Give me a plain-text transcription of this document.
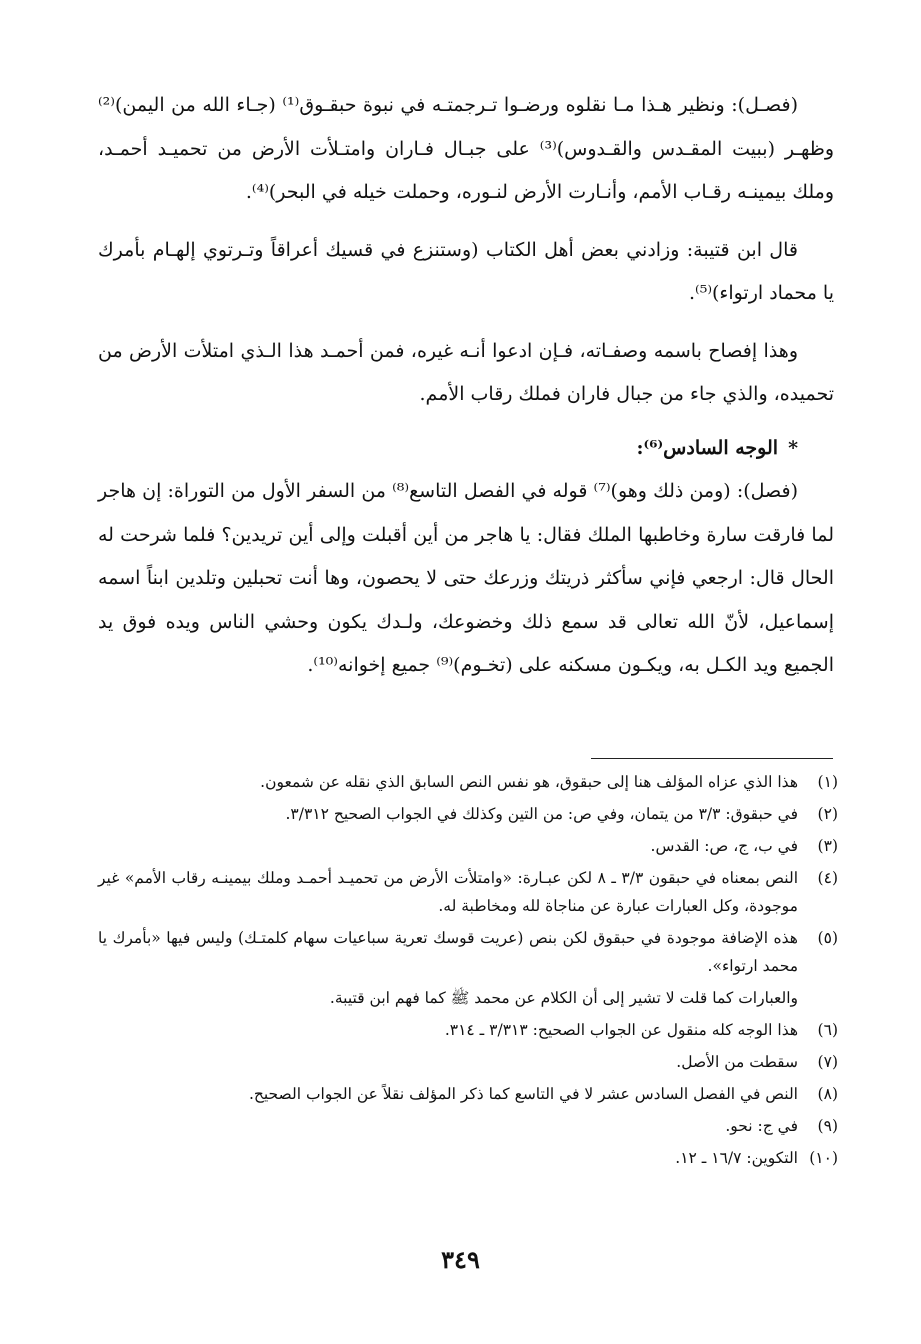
(فصـل): ونظير هـذا مـا نقلوه ورضـوا تـرجمتـه في نبوة حبقـوق⁽¹⁾ (جـاء الله من اليمن)⁽²⁾ وظهـر (ببيت المقـدس والقـدوس)⁽³⁾ على جبـال فـاران وامتـلأت الأرض من تحميـد أحمـد، وملك بيمينـه رقـاب الأمم، وأنـارت الأرض لنـوره، وحملت خيله في البحر)⁽⁴⁾.

قال ابن قتيبة: وزادني بعض أهل الكتاب (وستنزع في قسيك أعراقاً وتـرتوي إلهـام بأمرك يا محماد ارتواء)⁽⁵⁾.

وهذا إفصاح باسمه وصفـاته، فـإن ادعوا أنـه غيره، فمن أحمـد هذا الـذي امتلأت الأرض من تحميده، والذي جاء من جبال فاران فملك رقاب الأمم.

*الوجه السادس⁽⁶⁾:

(فصل): (ومن ذلك وهو)⁽⁷⁾ قوله في الفصل التاسع⁽⁸⁾ من السفر الأول من التوراة: إن هاجر لما فارقت سارة وخاطبها الملك فقال: يا هاجر من أين أقبلت وإلى أين تريدين؟ فلما شرحت له الحال قال: ارجعي فإني سأكثر ذريتك وزرعك حتى لا يحصون، وها أنت تحبلين وتلدين ابناً اسمه إسماعيل، لأنّ الله تعالى قد سمع ذلك وخضوعك، ولـدك يكون وحشي الناس ويده فوق يد الجميع ويد الكـل به، ويكـون مسكنه على (تخـوم)⁽⁹⁾ جميع إخوانه⁽¹⁰⁾.

(١)
هذا الذي عزاه المؤلف هنا إلى حبقوق، هو نفس النص السابق الذي نقله عن شمعون.
(٢)
في حبقوق: ٣/٣ من يتمان، وفي ص: من التين وكذلك في الجواب الصحيح ٣/٣١٢.
(٣)
في ب، ج، ص: القدس.
(٤)
النص بمعناه في حبقون ٣/٣ ـ ٨ لكن عبـارة: «وامتلأت الأرض من تحميـد أحمـد وملك بيمينـه رقاب الأمم» غير موجودة، وكل العبارات عبارة عن مناجاة لله ومخاطبة له.
(٥)
هذه الإضافة موجودة في حبقوق لكن بنص (عريت قوسك تعرية سباعيات سهام كلمتـك) وليس فيها «بأمرك يا محمد ارتواء».
والعبارات كما قلت لا تشير إلى أن الكلام عن محمد ﷺ كما فهم ابن قتيبة.
(٦)
هذا الوجه كله منقول عن الجواب الصحيح: ٣/٣١٣ ـ ٣١٤.
(٧)
سقطت من الأصل.
(٨)
النص في الفصل السادس عشر لا في التاسع كما ذكر المؤلف نقلاً عن الجواب الصحيح.
(٩)
في ج: نحو.
(١٠)
التكوين: ١٦/٧ ـ ١٢.
٣٤٩
